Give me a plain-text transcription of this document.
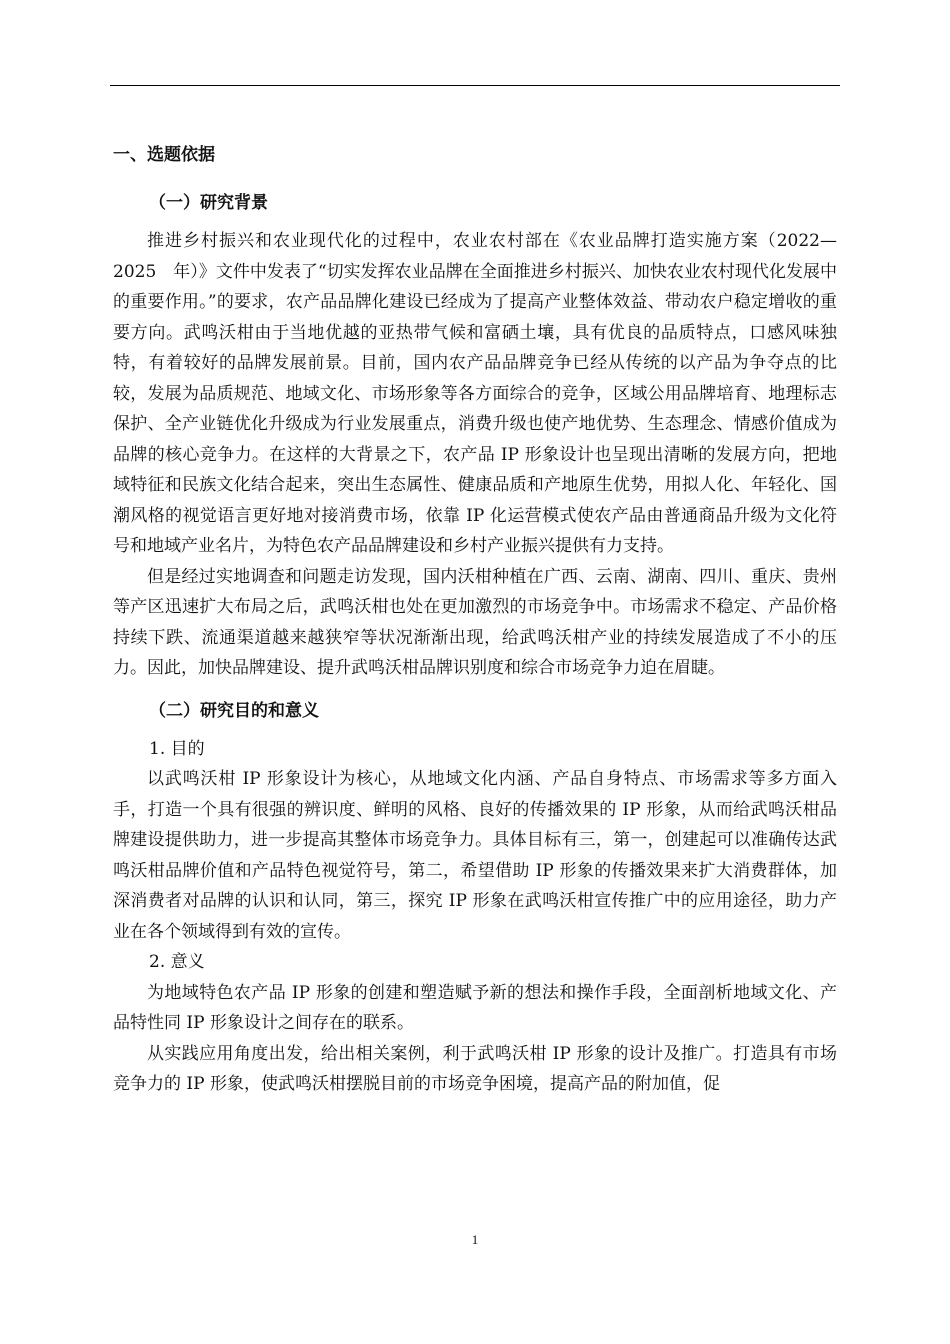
一、选题依据
（一）研究背景

推进乡村振兴和农业现代化的过程中，农业农村部在《农业品牌打造实施方案（2022—2025　年）》文件中发表了“切实发挥农业品牌在全面推进乡村振兴、加快农业农村现代化发展中的重要作用。”的要求，农产品品牌化建设已经成为了提高产业整体效益、带动农户稳定增收的重要方向。武鸣沃柑由于当地优越的亚热带气候和富硒土壤，具有优良的品质特点，口感风味独特，有着较好的品牌发展前景。目前，国内农产品品牌竞争已经从传统的以产品为争夺点的比较，发展为品质规范、地域文化、市场形象等各方面综合的竞争，区域公用品牌培育、地理标志保护、全产业链优化升级成为行业发展重点，消费升级也使产地优势、生态理念、情感价值成为品牌的核心竞争力。在这样的大背景之下，农产品 IP 形象设计也呈现出清晰的发展方向，把地域特征和民族文化结合起来，突出生态属性、健康品质和产地原生优势，用拟人化、年轻化、国潮风格的视觉语言更好地对接消费市场，依靠 IP 化运营模式使农产品由普通商品升级为文化符号和地域产业名片，为特色农产品品牌建设和乡村产业振兴提供有力支持。

但是经过实地调查和问题走访发现，国内沃柑种植在广西、云南、湖南、四川、重庆、贵州等产区迅速扩大布局之后，武鸣沃柑也处在更加激烈的市场竞争中。市场需求不稳定、产品价格持续下跌、流通渠道越来越狭窄等状况渐渐出现，给武鸣沃柑产业的持续发展造成了不小的压力。因此，加快品牌建设、提升武鸣沃柑品牌识别度和综合市场竞争力迫在眉睫。

（二）研究目的和意义

1. 目的

以武鸣沃柑 IP 形象设计为核心，从地域文化内涵、产品自身特点、市场需求等多方面入手，打造一个具有很强的辨识度、鲜明的风格、良好的传播效果的 IP 形象，从而给武鸣沃柑品牌建设提供助力，进一步提高其整体市场竞争力。具体目标有三，第一，创建起可以准确传达武鸣沃柑品牌价值和产品特色视觉符号，第二，希望借助 IP 形象的传播效果来扩大消费群体，加深消费者对品牌的认识和认同，第三，探究 IP 形象在武鸣沃柑宣传推广中的应用途径，助力产业在各个领域得到有效的宣传。

2. 意义

为地域特色农产品 IP 形象的创建和塑造赋予新的想法和操作手段，全面剖析地域文化、产品特性同 IP 形象设计之间存在的联系。

从实践应用角度出发，给出相关案例，利于武鸣沃柑 IP 形象的设计及推广。打造具有市场竞争力的 IP 形象，使武鸣沃柑摆脱目前的市场竞争困境，提高产品的附加值，促

1
